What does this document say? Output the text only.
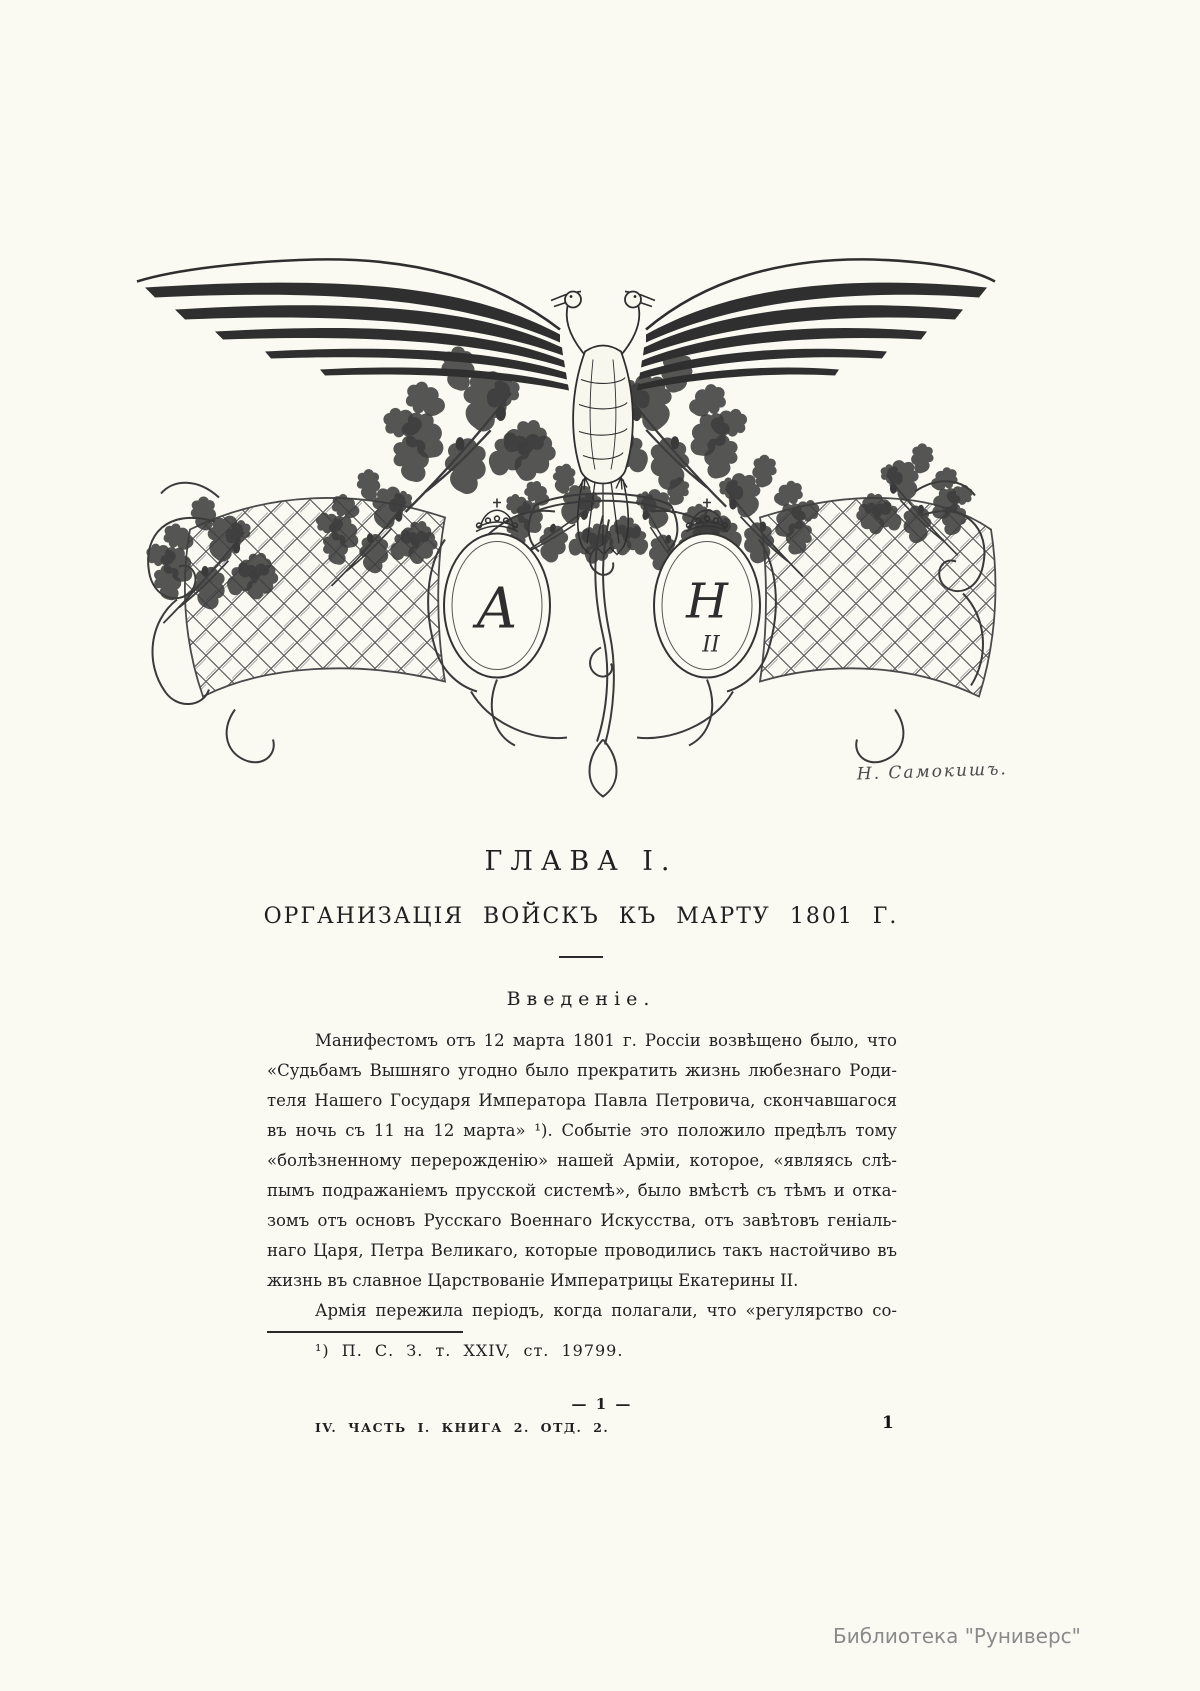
А	Н
II
Н. Самокишъ.
ГЛАВА I.
ОРГАНИЗАЦІЯ ВОЙСКЪ КЪ МАРТУ 1801 Г.
Введеніе.
Манифестомъ отъ 12 марта 1801 г. Россіи возвѣщено было, что
«Судьбамъ Вышняго угодно было прекратить жизнь любезнаго Роди-
теля Нашего Государя Императора Павла Петровича, скончавшагося
въ ночь съ 11 на 12 марта» ¹). Событіе это положило предѣлъ тому
«болѣзненному перерожденію» нашей Арміи, которое, «являясь слѣ-
пымъ подражаніемъ прусской системѣ», было вмѣстѣ съ тѣмъ и отка-
зомъ отъ основъ Русскаго Военнаго Искусства, отъ завѣтовъ геніаль-
наго Царя, Петра Великаго, которые проводились такъ настойчиво въ
жизнь въ славное Царствованіе Императрицы Екатерины II.
Армія пережила періодъ, когда полагали, что «регулярство со-
¹) П. С. З. т. XXIV, ст. 19799.
— 1 —
IV. ЧАСТЬ I. КНИГА 2. ОТД. 2.	1
Библиотека "Руниверс"
